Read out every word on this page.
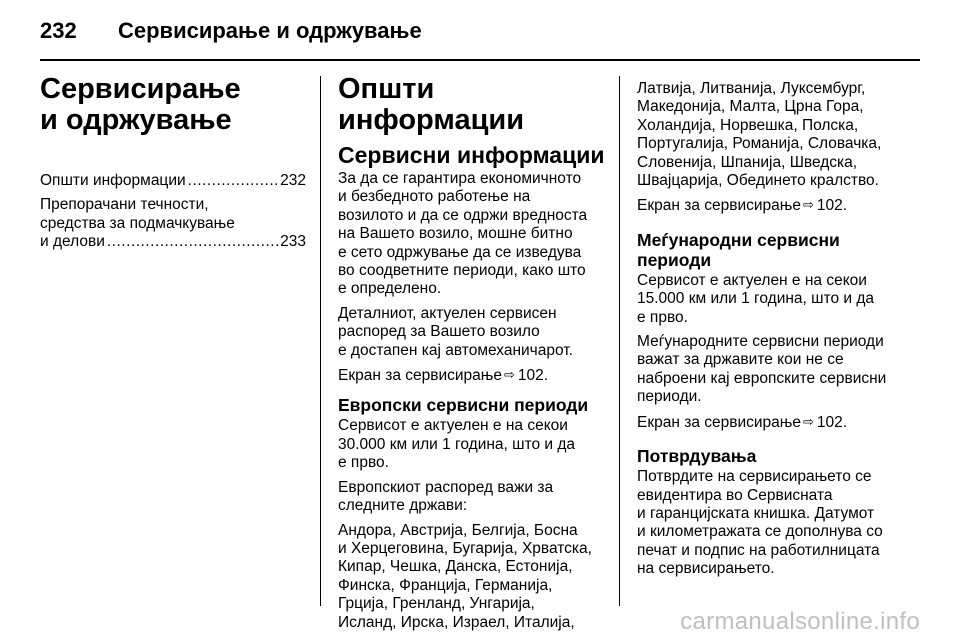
232 Сервисирање и одржување
Сервисирање
и одржување
Општи информации .....	232
Препорачани течности,
средства за подмачкување
и делови .....	233
Општи информации
Сервисни информации
За да се гарантира економичното
и безбедното работење на
возилото и да се одржи вредноста
на Вашето возило, мошне битно
е сето одржување да се изведува
во соодветните периоди, како што
е определено.
Деталниот, актуелен сервисен
распоред за Вашето возило
е достапен кај автомеханичарот.
Екран за сервисирање ⇨ 102.
Европски сервисни периоди
Сервисот е актуелен е на секои
30.000 км или 1 година, што и да
е прво.
Европскиот распоред важи за
следните држави:
Андора, Австрија, Белгија, Босна
и Херцеговина, Бугарија, Хрватска,
Кипар, Чешка, Данска, Естонија,
Финска, Франција, Германија,
Грција, Гренланд, Унгарија,
Исланд, Ирска, Израел, Италија,
Латвија, Литванија, Луксембург,
Македонија, Малта, Црна Гора,
Холандија, Норвешка, Полска,
Португалија, Романија, Словачка,
Словенија, Шпанија, Шведска,
Швајцарија, Обединето кралство.
Екран за сервисирање ⇨ 102.
Меѓународни сервисни
периоди
Сервисот е актуелен е на секои
15.000 км или 1 година, што и да
е прво.
Меѓународните сервисни периоди
важат за државите кои не се
наброени кај европските сервисни
периоди.
Екран за сервисирање ⇨ 102.
Потврдувања
Потврдите на сервисирањето се
евидентира во Сервисната
и гаранцијската книшка. Датумот
и километражата се дополнува со
печат и подпис на работилницата
на сервисирањето.
carmanualsonline.info
